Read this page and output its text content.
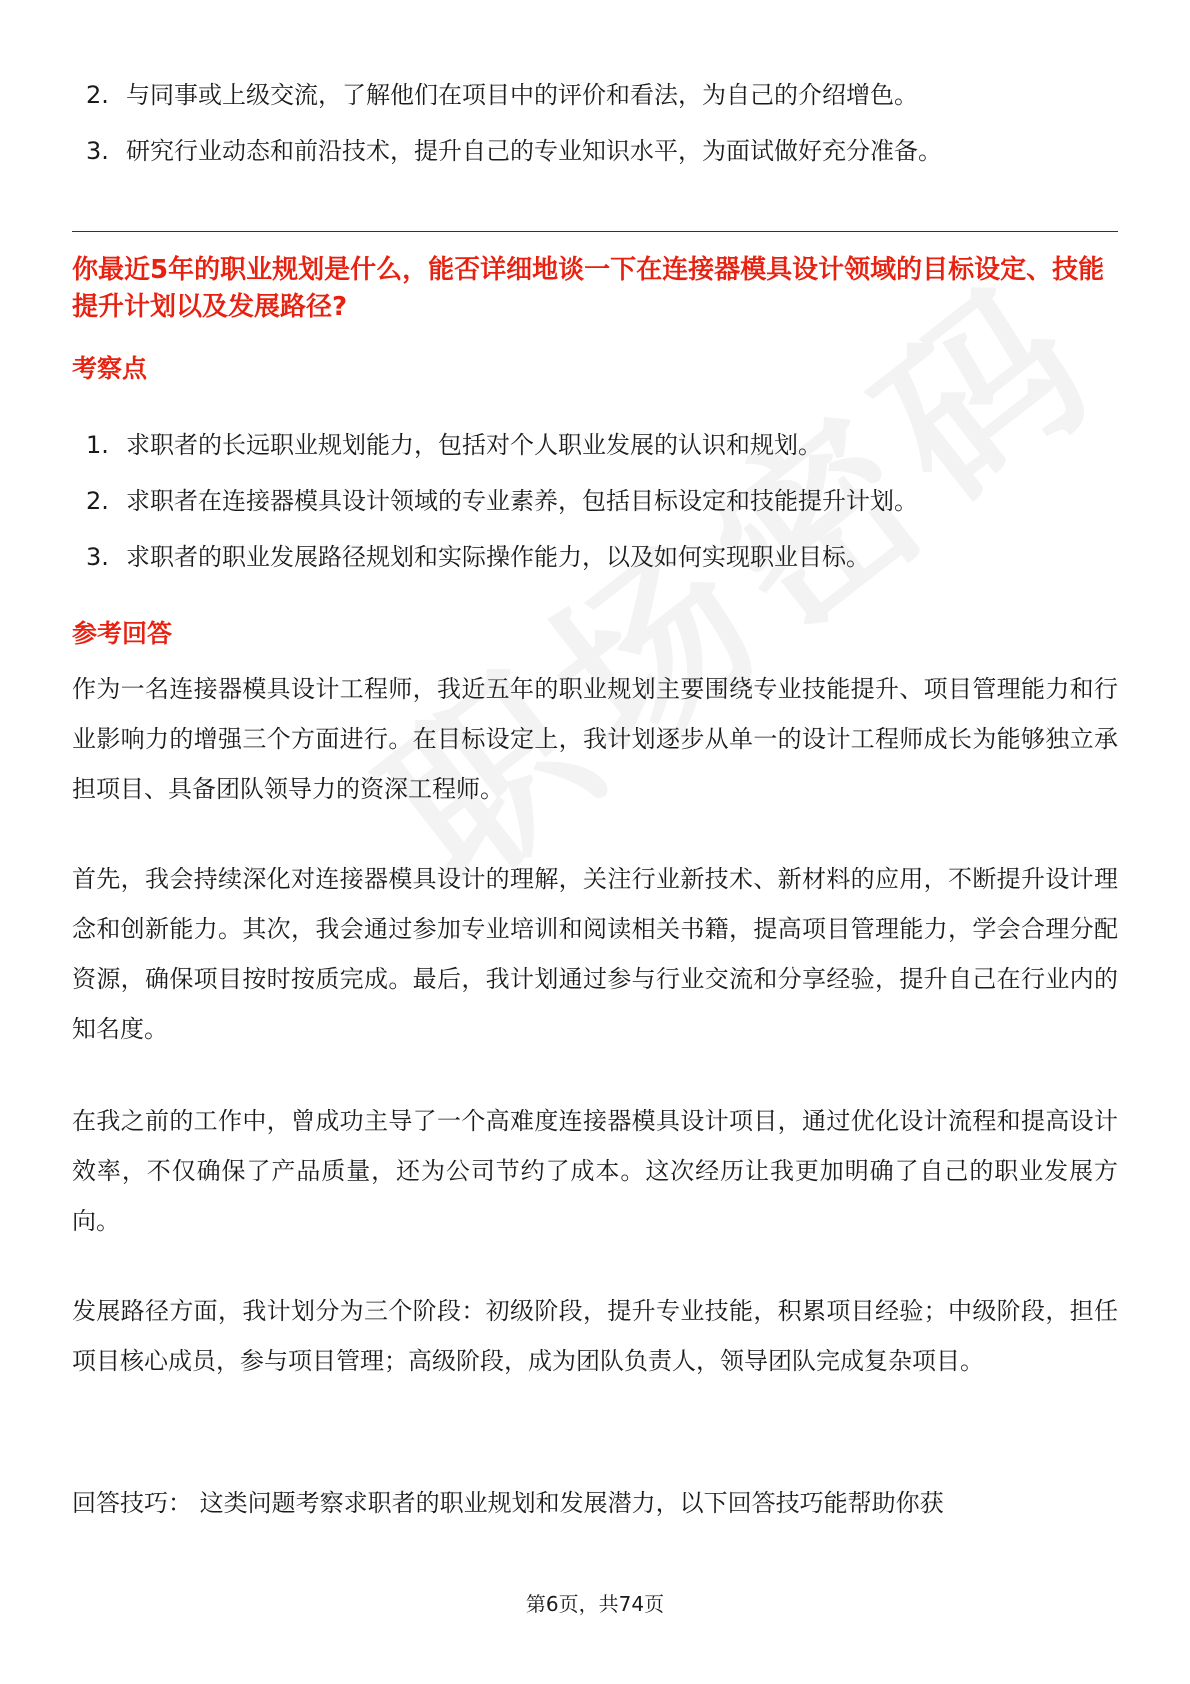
2. 与同事或上级交流，了解他们在项目中的评价和看法，为自己的介绍增色。
3. 研究行业动态和前沿技术，提升自己的专业知识水平，为面试做好充分准备。
你最近5年的职业规划是什么，能否详细地谈一下在连接器模具设计领域的目标设定、技能提升计划以及发展路径?
考察点
1. 求职者的长远职业规划能力，包括对个人职业发展的认识和规划。
2. 求职者在连接器模具设计领域的专业素养，包括目标设定和技能提升计划。
3. 求职者的职业发展路径规划和实际操作能力，以及如何实现职业目标。
参考回答

作为一名连接器模具设计工程师，我近五年的职业规划主要围绕专业技能提升、项目管理能力和行业影响力的增强三个方面进行。在目标设定上，我计划逐步从单一的设计工程师成长为能够独立承担项目、具备团队领导力的资深工程师。

首先，我会持续深化对连接器模具设计的理解，关注行业新技术、新材料的应用，不断提升设计理念和创新能力。其次，我会通过参加专业培训和阅读相关书籍，提高项目管理能力，学会合理分配资源，确保项目按时按质完成。最后，我计划通过参与行业交流和分享经验，提升自己在行业内的知名度。

在我之前的工作中，曾成功主导了一个高难度连接器模具设计项目，通过优化设计流程和提高设计效率，不仅确保了产品质量，还为公司节约了成本。这次经历让我更加明确了自己的职业发展方向。

发展路径方面，我计划分为三个阶段：初级阶段，提升专业技能，积累项目经验；中级阶段，担任项目核心成员，参与项目管理；高级阶段，成为团队负责人，领导团队完成复杂项目。

回答技巧： 这类问题考察求职者的职业规划和发展潜力，以下回答技巧能帮助你获

第6页，共74页
